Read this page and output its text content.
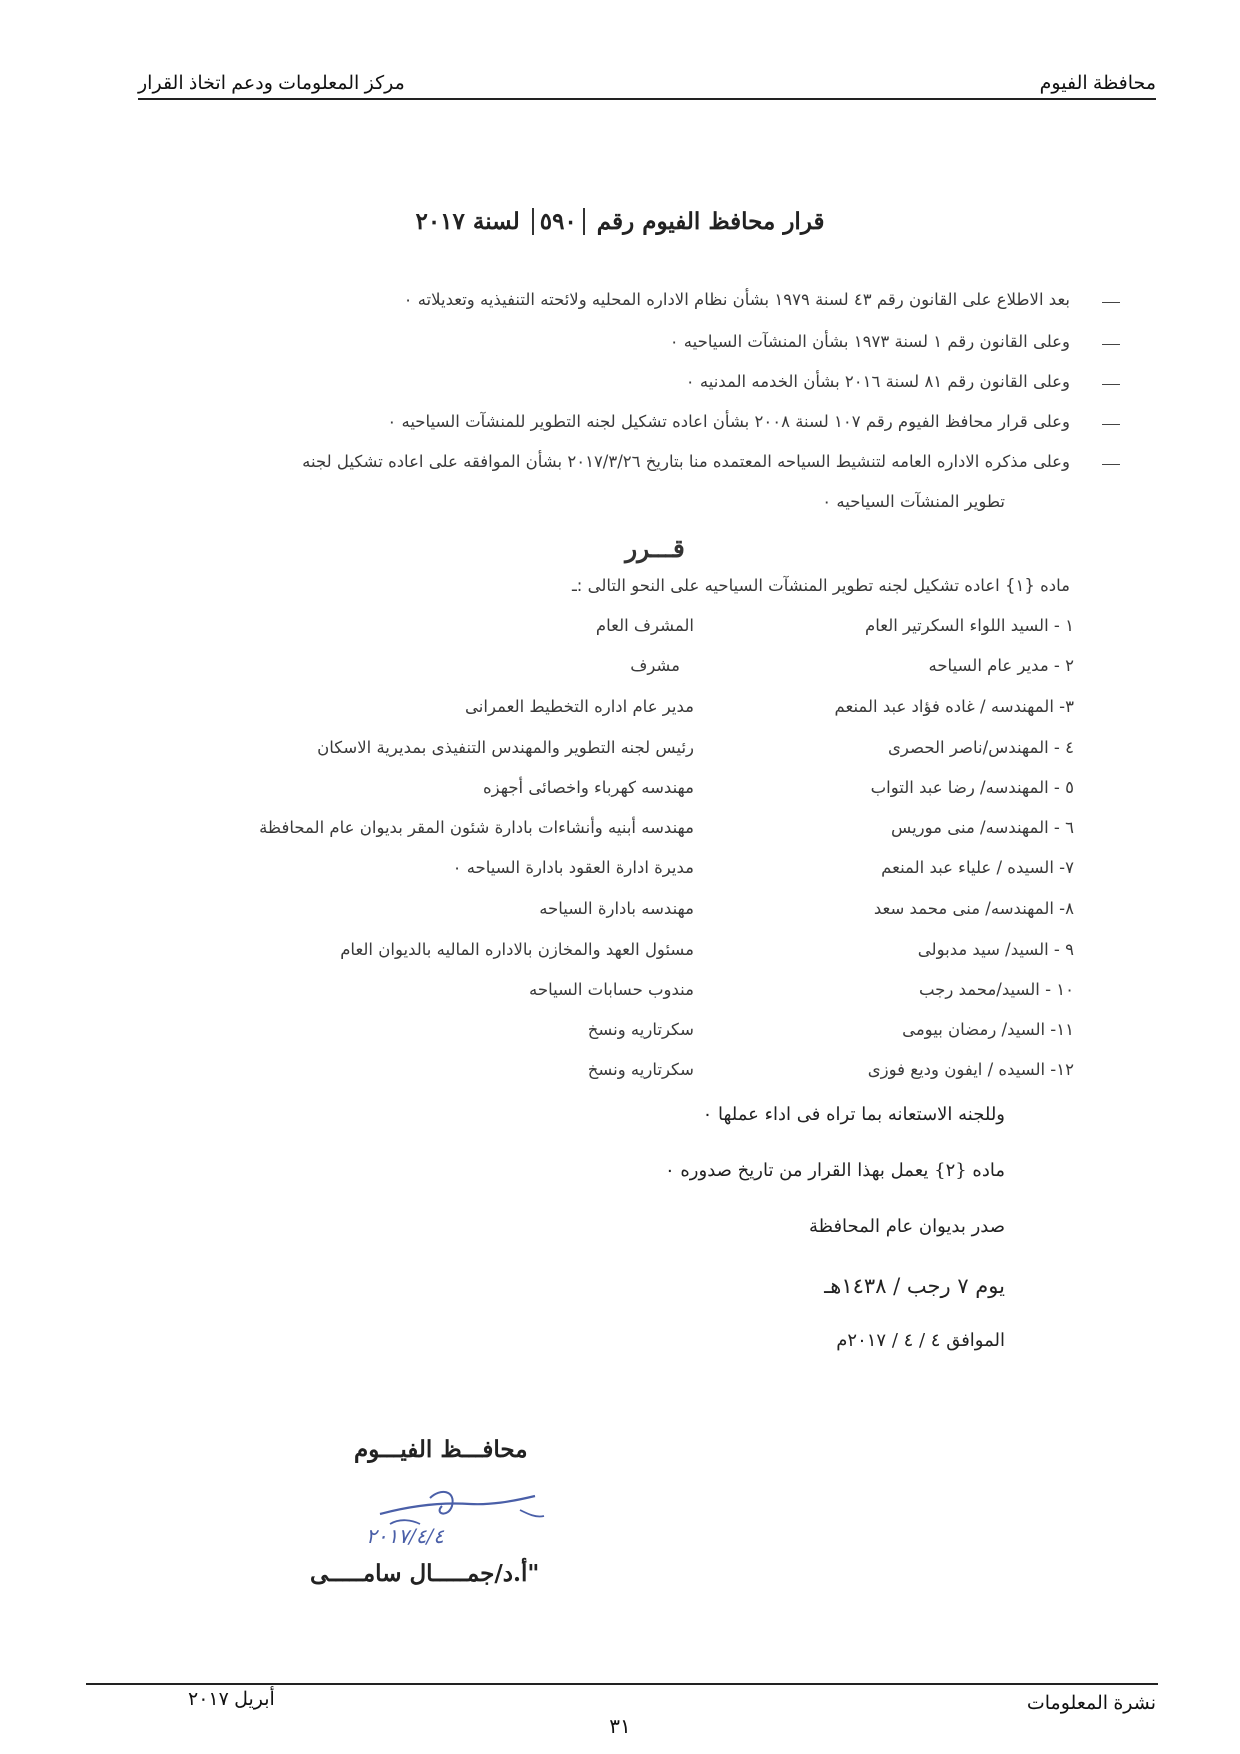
محافظة الفيوم
مركز المعلومات ودعم اتخاذ القرار
قرار محافظ الفيوم رقم ٥٩٠ لسنة ٢٠١٧
بعد الاطلاع على القانون رقم ٤٣ لسنة ١٩٧٩ بشأن نظام الاداره المحليه ولائحته التنفيذيه وتعديلاته ٠
وعلى القانون رقم ١ لسنة ١٩٧٣ بشأن المنشآت السياحيه ٠
وعلى القانون رقم ٨١ لسنة ٢٠١٦ بشأن الخدمه المدنيه ٠
وعلى قرار محافظ الفيوم رقم ١٠٧ لسنة ٢٠٠٨ بشأن اعاده تشكيل لجنه التطوير للمنشآت السياحيه ٠
وعلى مذكره الاداره العامه لتنشيط السياحه المعتمده منا بتاريخ ٢٠١٧/٣/٢٦ بشأن الموافقه على اعاده تشكيل لجنه
تطوير المنشآت السياحيه ٠
قـــرر
ماده {١} اعاده تشكيل لجنه تطوير المنشآت السياحيه على النحو التالى :ـ
١ - السيد اللواء السكرتير العام
المشرف العام
٢ - مدير عام السياحه
مشرف
٣- المهندسه / غاده فؤاد عبد المنعم
مدير عام اداره التخطيط العمرانى
٤ - المهندس/ناصر الحصرى
رئيس لجنه التطوير والمهندس التنفيذى بمديرية الاسكان
٥ - المهندسه/ رضا عبد التواب
مهندسه كهرباء واخصائى أجهزه
٦ - المهندسه/ منى موريس
مهندسه أبنيه وأنشاءات بادارة شئون المقر بديوان عام المحافظة
٧- السيده / علياء عبد المنعم
مديرة ادارة العقود بادارة السياحه ٠
٨- المهندسه/ منى محمد سعد
مهندسه بادارة السياحه
٩ - السيد/ سيد مدبولى
مسئول العهد والمخازن بالاداره الماليه بالديوان العام
١٠ - السيد/محمد رجب
مندوب حسابات السياحه
١١- السيد/ رمضان بيومى
سكرتاريه ونسخ
١٢- السيده / ايفون وديع فوزى
سكرتاريه ونسخ
وللجنه الاستعانه بما تراه فى اداء عملها ٠
ماده {٢} يعمل بهذا القرار من تاريخ صدوره ٠
صدر بديوان عام المحافظة
يوم ٧ رجب / ١٤٣٨هـ
الموافق ٤ / ٤ / ٢٠١٧م
محافـــظ الفيـــوم
٢٠١٧/٤/٤
"أ.د/جمـــــال سامـــــى
نشرة المعلومات
أبريل ٢٠١٧
٣١
